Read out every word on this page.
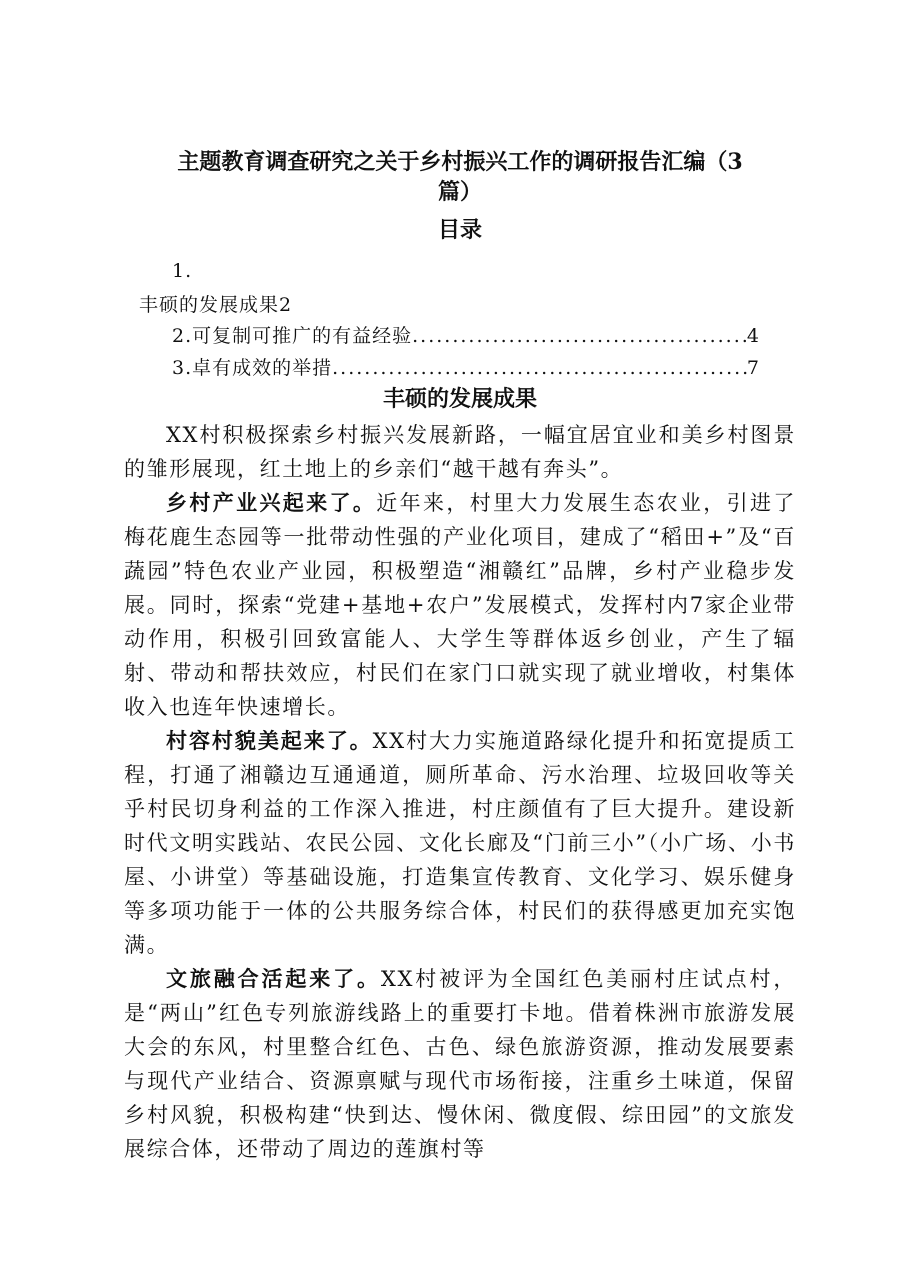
主题教育调查研究之关于乡村振兴工作的调研报告汇编（3
篇）
目录
1.
丰硕的发展成果2
2.可复制可推广的有益经验 .....	4
3.卓有成效的举措 .....	7
丰硕的发展成果

XX村积极探索乡村振兴发展新路，一幅宜居宜业和美乡村图景的雏形展现，红土地上的乡亲们“越干越有奔头”。

乡村产业兴起来了。近年来，村里大力发展生态农业，引进了梅花鹿生态园等一批带动性强的产业化项目，建成了“稻田+”及“百蔬园”特色农业产业园，积极塑造“湘赣红”品牌，乡村产业稳步发展。同时，探索“党建+基地+农户”发展模式，发挥村内7家企业带动作用，积极引回致富能人、大学生等群体返乡创业，产生了辐射、带动和帮扶效应，村民们在家门口就实现了就业增收，村集体收入也连年快速增长。

村容村貌美起来了。XX村大力实施道路绿化提升和拓宽提质工程，打通了湘赣边互通通道，厕所革命、污水治理、垃圾回收等关乎村民切身利益的工作深入推进，村庄颜值有了巨大提升。建设新时代文明实践站、农民公园、文化长廊及“门前三小”（小广场、小书屋、小讲堂）等基础设施，打造集宣传教育、文化学习、娱乐健身等多项功能于一体的公共服务综合体，村民们的获得感更加充实饱满。

文旅融合活起来了。XX村被评为全国红色美丽村庄试点村，是“两山”红色专列旅游线路上的重要打卡地。借着株洲市旅游发展大会的东风，村里整合红色、古色、绿色旅游资源，推动发展要素与现代产业结合、资源禀赋与现代市场衔接，注重乡土味道，保留乡村风貌，积极构建“快到达、慢休闲、微度假、综田园”的文旅发展综合体，还带动了周边的莲旗村等
